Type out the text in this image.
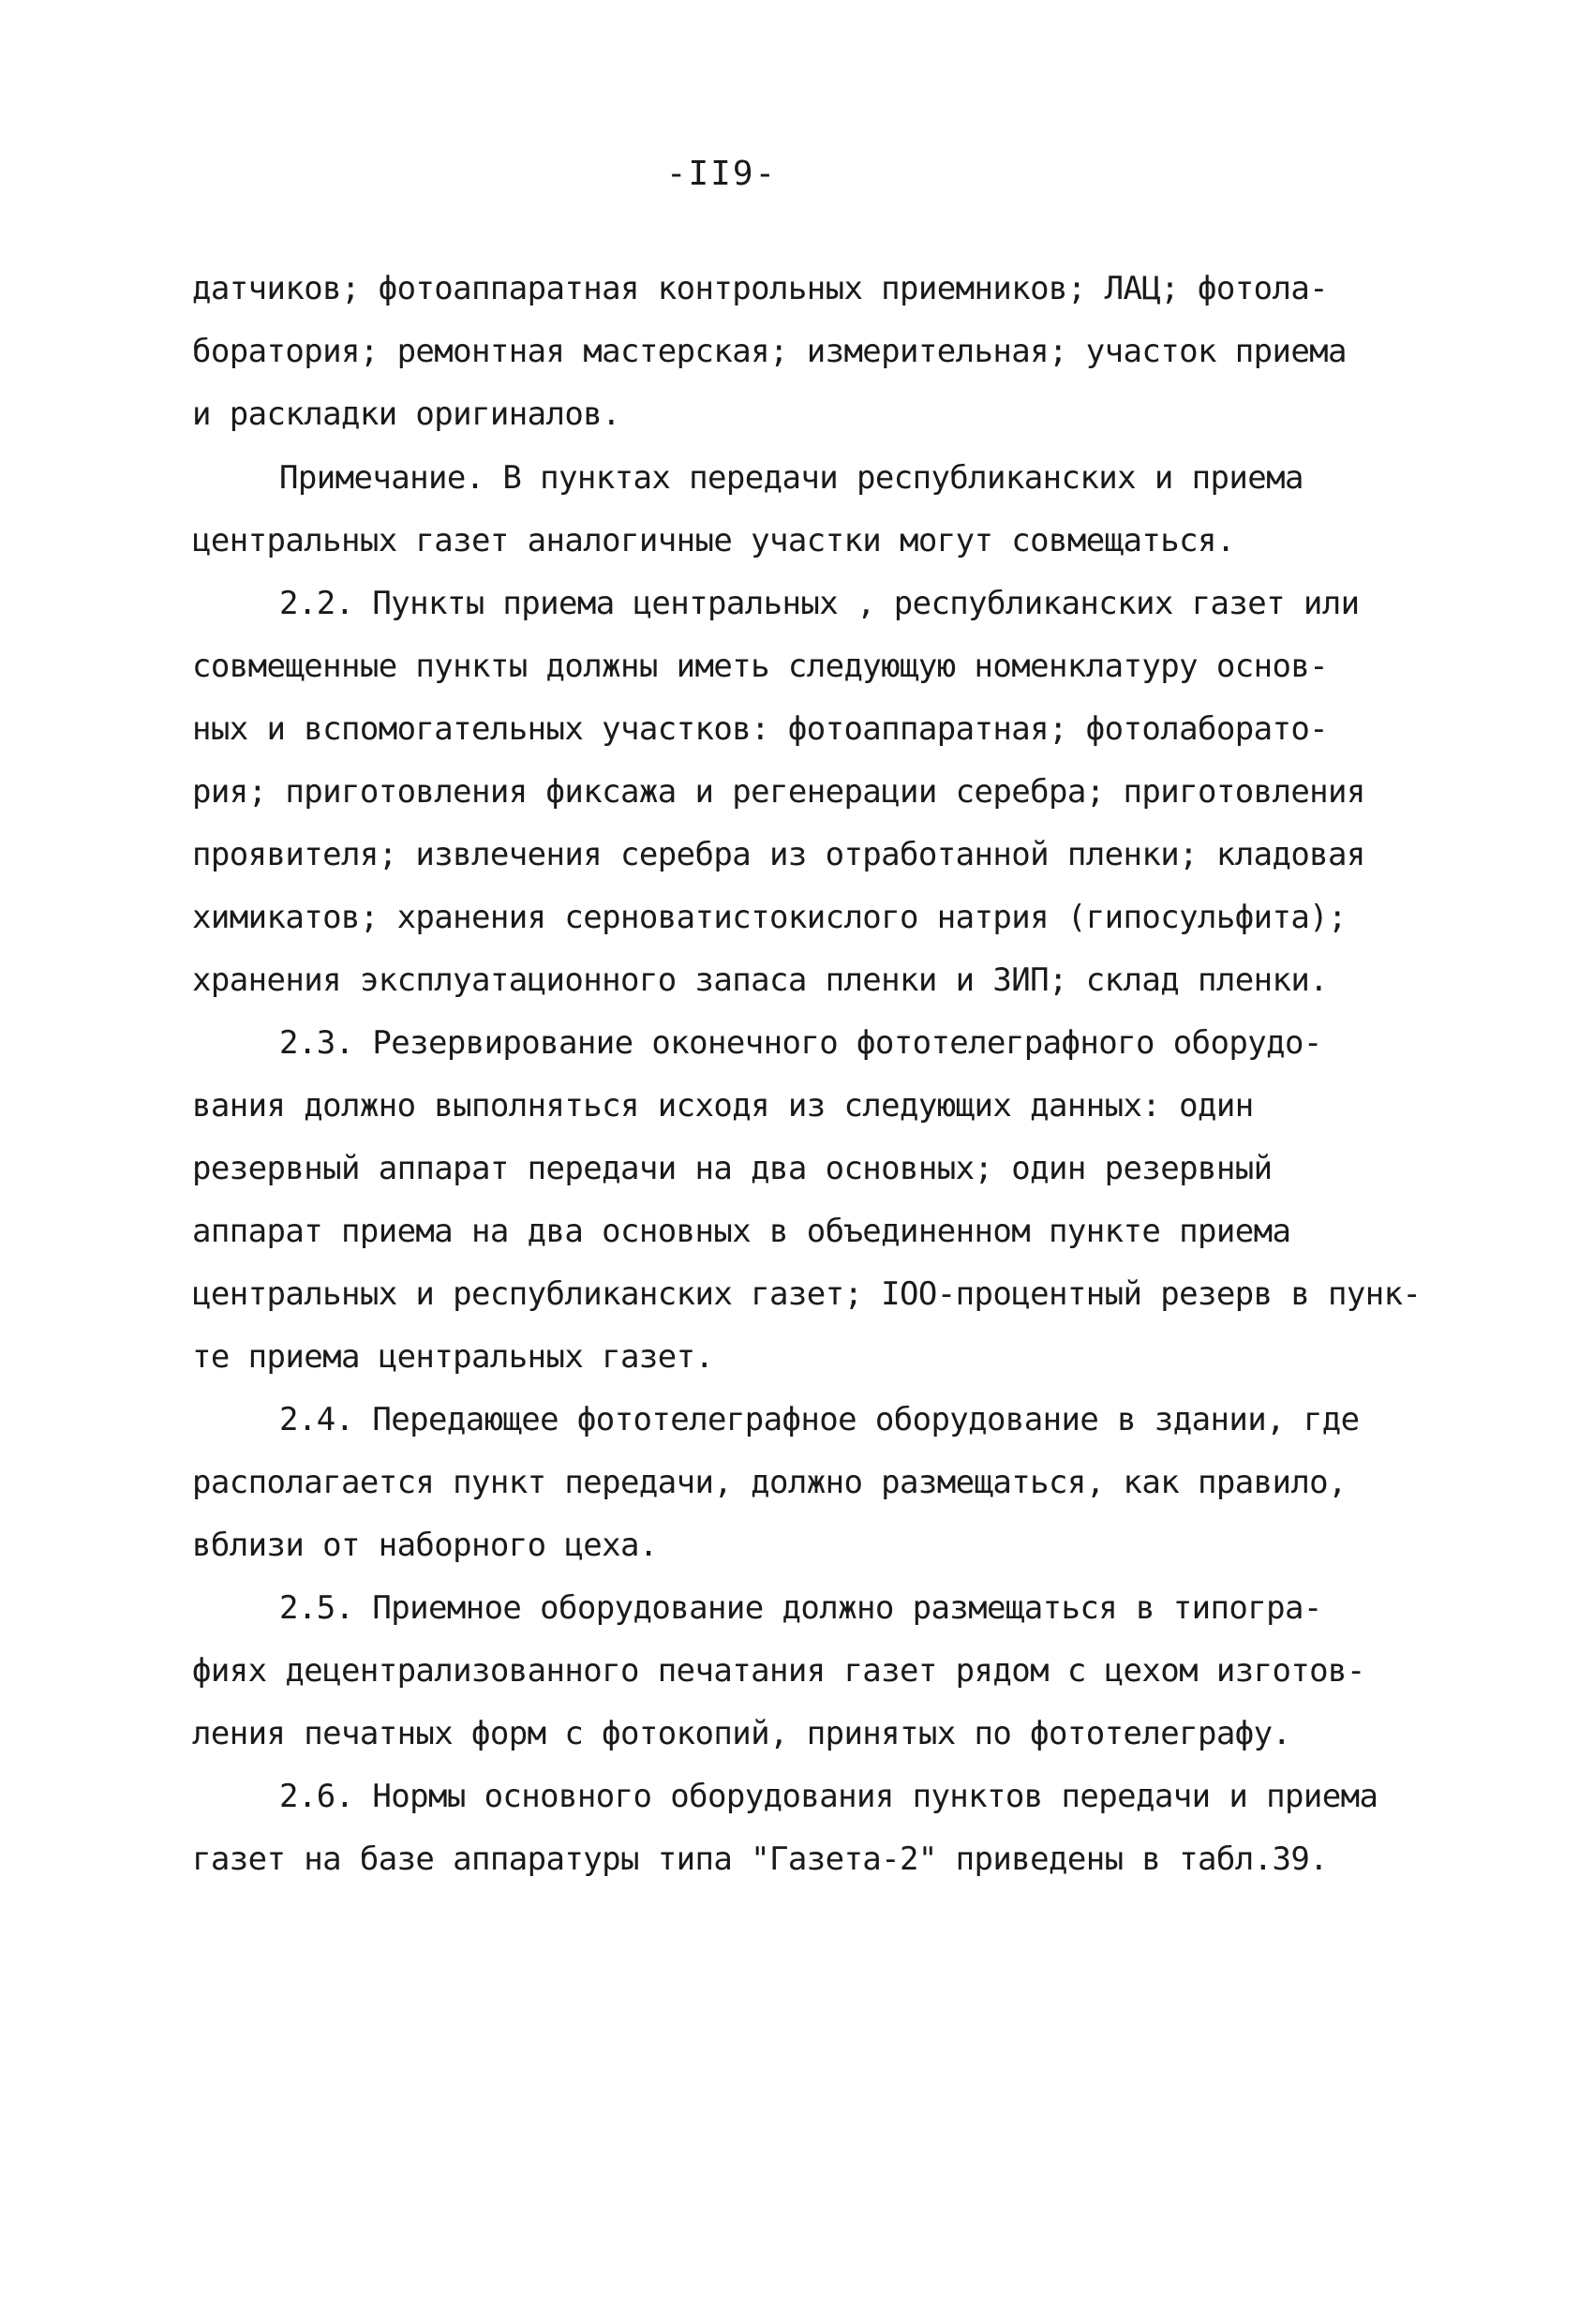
-II9-
датчиков; фотоаппаратная контрольных приемников; ЛАЦ; фотола-
боратория; ремонтная мастерская; измерительная; участок приема
и раскладки оригиналов.
Примечание. В пунктах передачи республиканских и приема
центральных газет аналогичные участки могут совмещаться.
2.2. Пункты приема центральных , республиканских газет или
совмещенные пункты должны иметь следующую номенклатуру основ-
ных и вспомогательных участков: фотоаппаратная; фотолаборато-
рия; приготовления фиксажа и регенерации серебра; приготовления
проявителя; извлечения серебра из отработанной пленки; кладовая
химикатов; хранения серноватистокислого натрия (гипосульфита);
хранения эксплуатационного запаса пленки и ЗИП; склад пленки.
2.3. Резервирование оконечного фототелеграфного оборудо-
вания должно выполняться исходя из следующих данных: один
резервный аппарат передачи на два основных; один резервный
аппарат приема на два основных в объединенном пункте приема
центральных и республиканских газет; IOO-процентный резерв в пунк-
те приема центральных газет.
2.4. Передающее фототелеграфное оборудование в здании, где
располагается пункт передачи, должно размещаться, как правило,
вблизи от наборного цеха.
2.5. Приемное оборудование должно размещаться в типогра-
фиях децентрализованного печатания газет рядом с цехом изготов-
ления печатных форм с фотокопий, принятых по фототелеграфу.
2.6. Нормы основного оборудования пунктов передачи и приема
газет на базе аппаратуры типа "Газета-2" приведены в табл.39.
